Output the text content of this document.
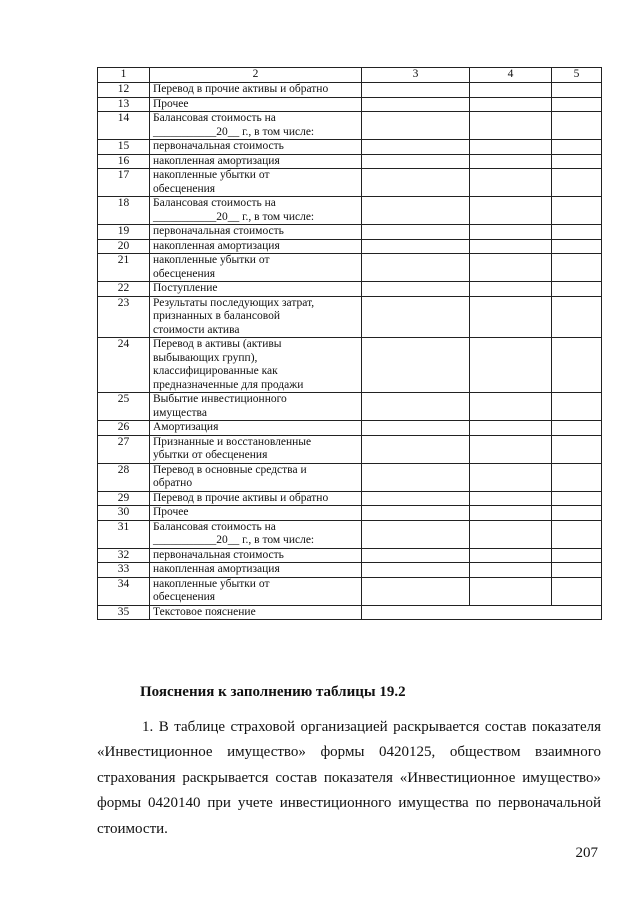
1	2	3	4	5
12	Перевод в прочие активы и обратно			
13	Прочее			
14	Балансовая стоимость на
___________20__ г., в том числе:			
15	первоначальная стоимость			
16	накопленная амортизация			
17	накопленные убытки от
обесценения			
18	Балансовая стоимость на
___________20__ г., в том числе:			
19	первоначальная стоимость			
20	накопленная амортизация			
21	накопленные убытки от
обесценения			
22	Поступление			
23	Результаты последующих затрат,
признанных в балансовой
стоимости актива			
24	Перевод в активы (активы
выбывающих групп),
классифицированные как
предназначенные для продажи			
25	Выбытие инвестиционного
имущества			
26	Амортизация			
27	Признанные и восстановленные
убытки от обесценения			
28	Перевод в основные средства и
обратно			
29	Перевод в прочие активы и обратно			
30	Прочее			
31	Балансовая стоимость на
___________20__ г., в том числе:			
32	первоначальная стоимость			
33	накопленная амортизация			
34	накопленные убытки от
обесценения			
35	Текстовое пояснение			
Пояснения к заполнению таблицы 19.2

1. В таблице страховой организацией раскрывается состав показателя «Инвестиционное имущество» формы 0420125, обществом взаимного страхования раскрывается состав показателя «Инвестиционное имущество» формы 0420140 при учете инвестиционного имущества по первоначальной стоимости.

207
